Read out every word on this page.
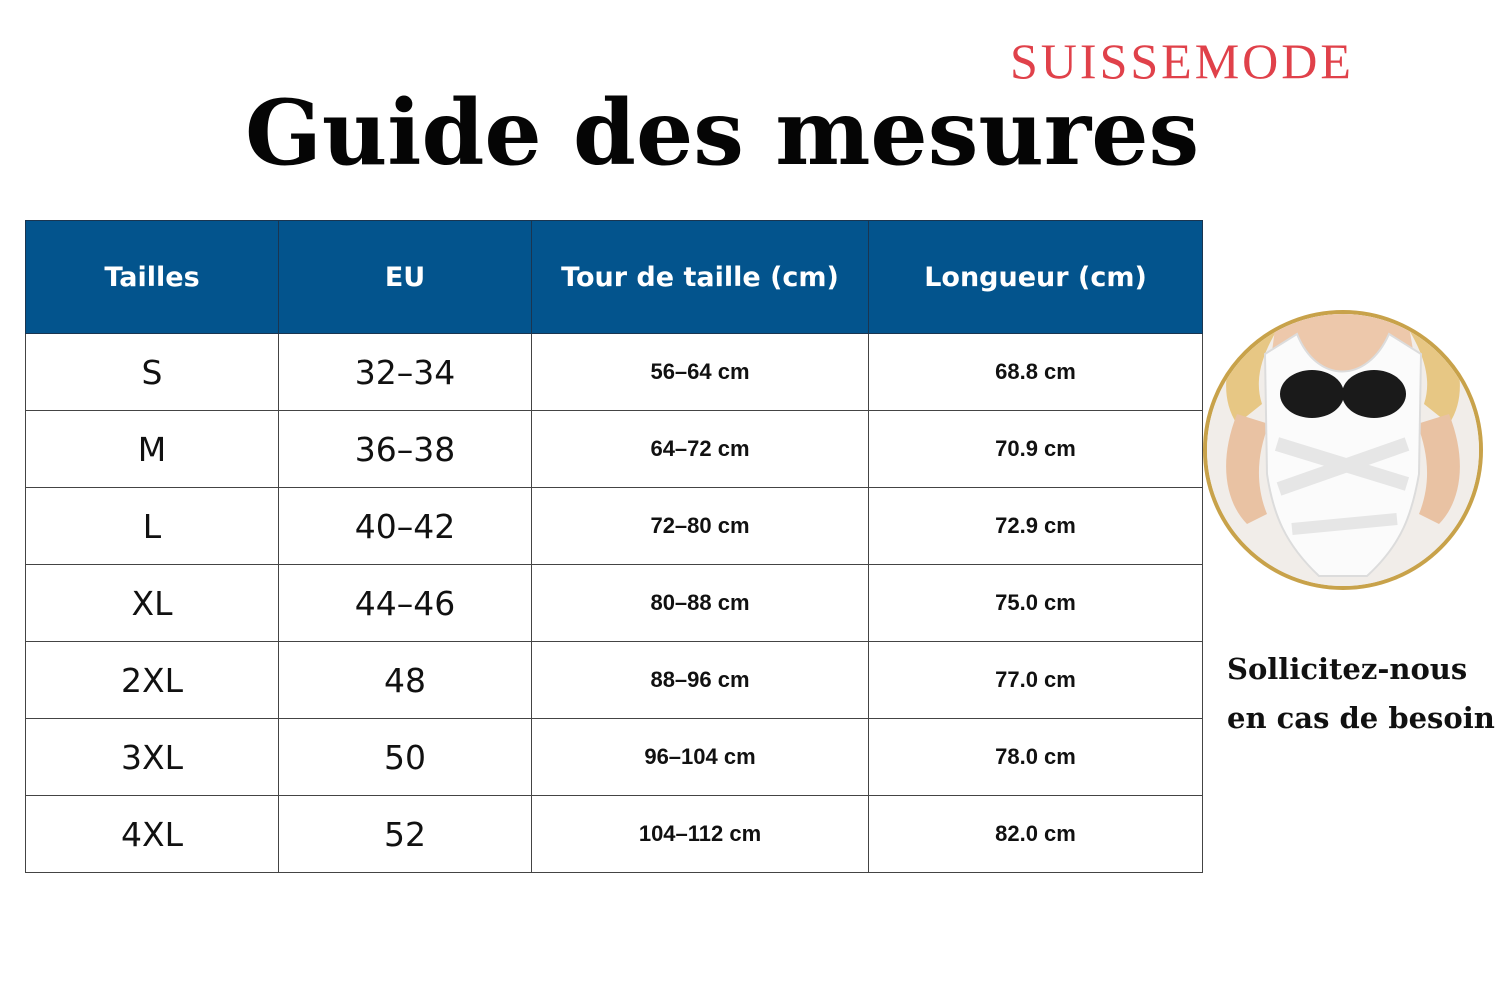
SUISSEMODE
Guide des mesures
Tailles	EU	Tour de taille (cm)	Longueur (cm)
S	32–34	56–64 cm	68.8 cm
M	36–38	64–72 cm	70.9 cm
L	40–42	72–80 cm	72.9 cm
XL	44–46	80–88 cm	75.0 cm
2XL	48	88–96 cm	77.0 cm
3XL	50	96–104 cm	78.0 cm
4XL	52	104–112 cm	82.0 cm
Sollicitez-nous
en cas de besoin
